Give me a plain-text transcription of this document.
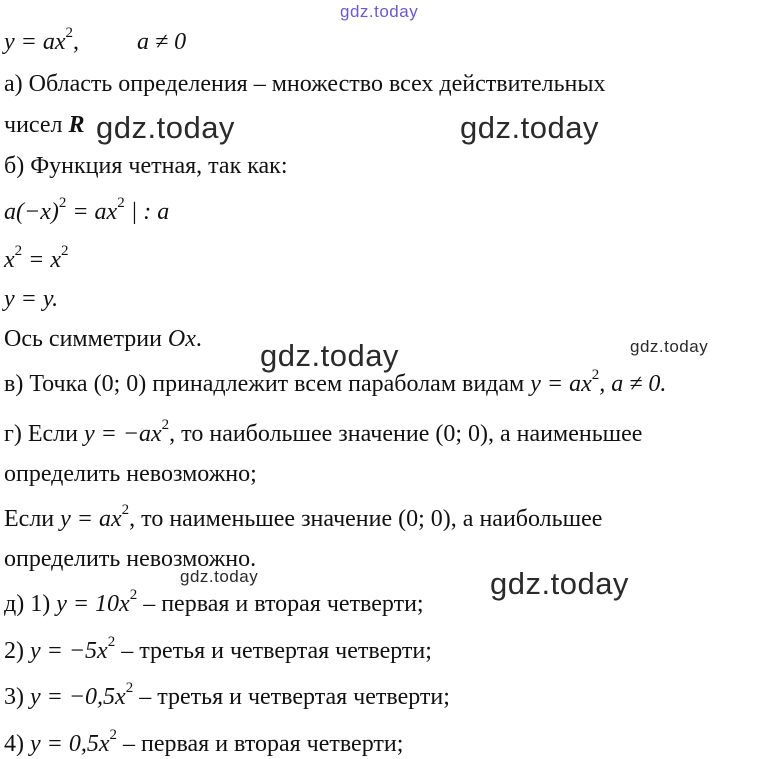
gdz.today
gdz.today	gdz.today
gdz.today	gdz.today
gdz.today	gdz.today
$y = ax^2$, a ≠ 0
а) Область определения – множество всех действительных
чисел R
б) Функция четная, так как:
$a(-x)^2 = ax^2$ | : a
$x^2 = x^2$
y = y.
Ось симметрии Ox.
в) Точка (0; 0) принадлежит всем параболам видам $y = ax^2$, a ≠ 0.
г) Если $y = -ax^2$, то наибольшее значение (0; 0), а наименьшее
определить невозможно;
Если $y = ax^2$, то наименьшее значение (0; 0), а наибольшее
определить невозможно.
д) 1) $y = 10x^2$ – первая и вторая четверти;
2) $y = -5x^2$ – третья и четвертая четверти;
3) $y = -0,5x^2$ – третья и четвертая четверти;
4) $y = 0,5x^2$ – первая и вторая четверти;
